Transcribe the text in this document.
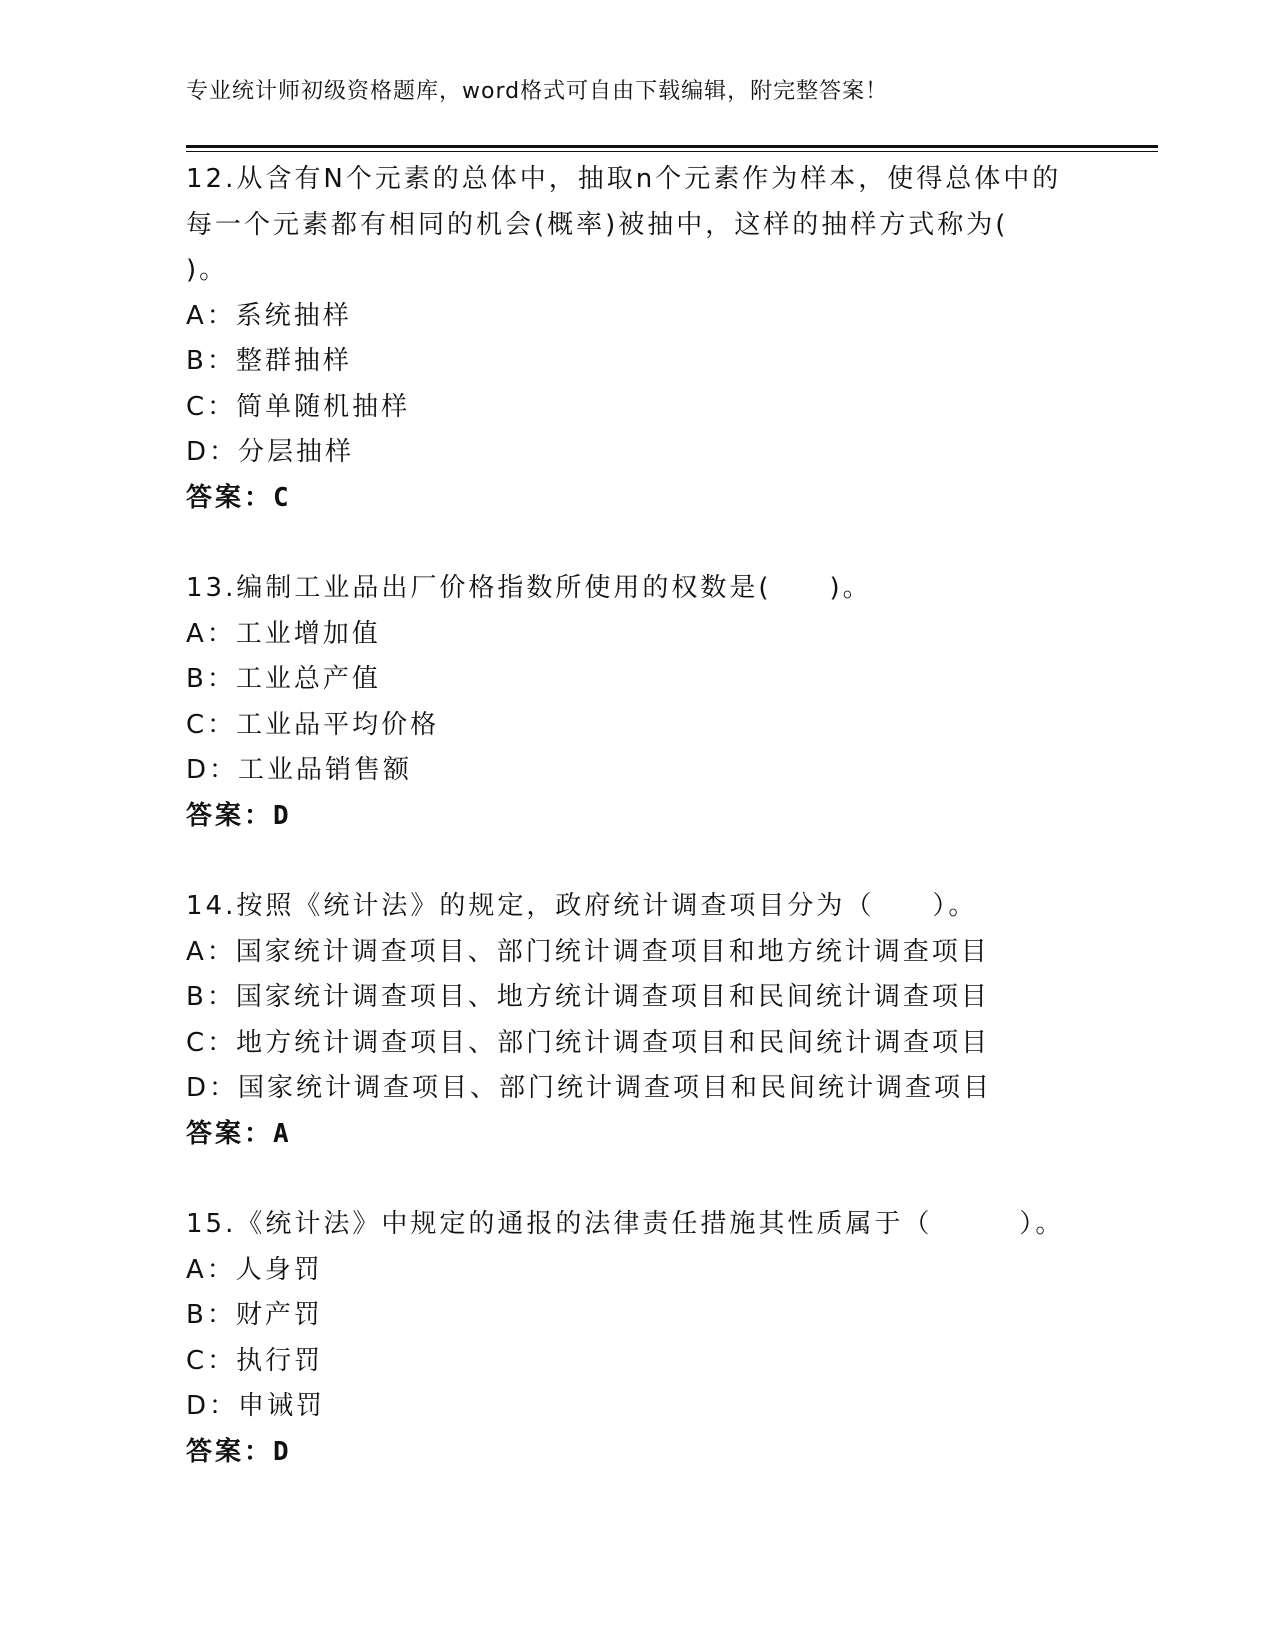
专业统计师初级资格题库，word格式可自由下载编辑，附完整答案！
12.从含有N个元素的总体中，抽取n个元素作为样本，使得总体中的
每一个元素都有相同的机会(概率)被抽中，这样的抽样方式称为(
)。
A：系统抽样
B：整群抽样
C：简单随机抽样
D：分层抽样
答案：C
13.编制工业品出厂价格指数所使用的权数是(　　)。
A：工业增加值
B：工业总产值
C：工业品平均价格
D：工业品销售额
答案：D
14.按照《统计法》的规定，政府统计调查项目分为（　　）。
A：国家统计调查项目、部门统计调查项目和地方统计调查项目
B：国家统计调查项目、地方统计调查项目和民间统计调查项目
C：地方统计调查项目、部门统计调查项目和民间统计调查项目
D：国家统计调查项目、部门统计调查项目和民间统计调查项目
答案：A
15.《统计法》中规定的通报的法律责任措施其性质属于（　　　）。
A：人身罚
B：财产罚
C：执行罚
D：申诫罚
答案：D
